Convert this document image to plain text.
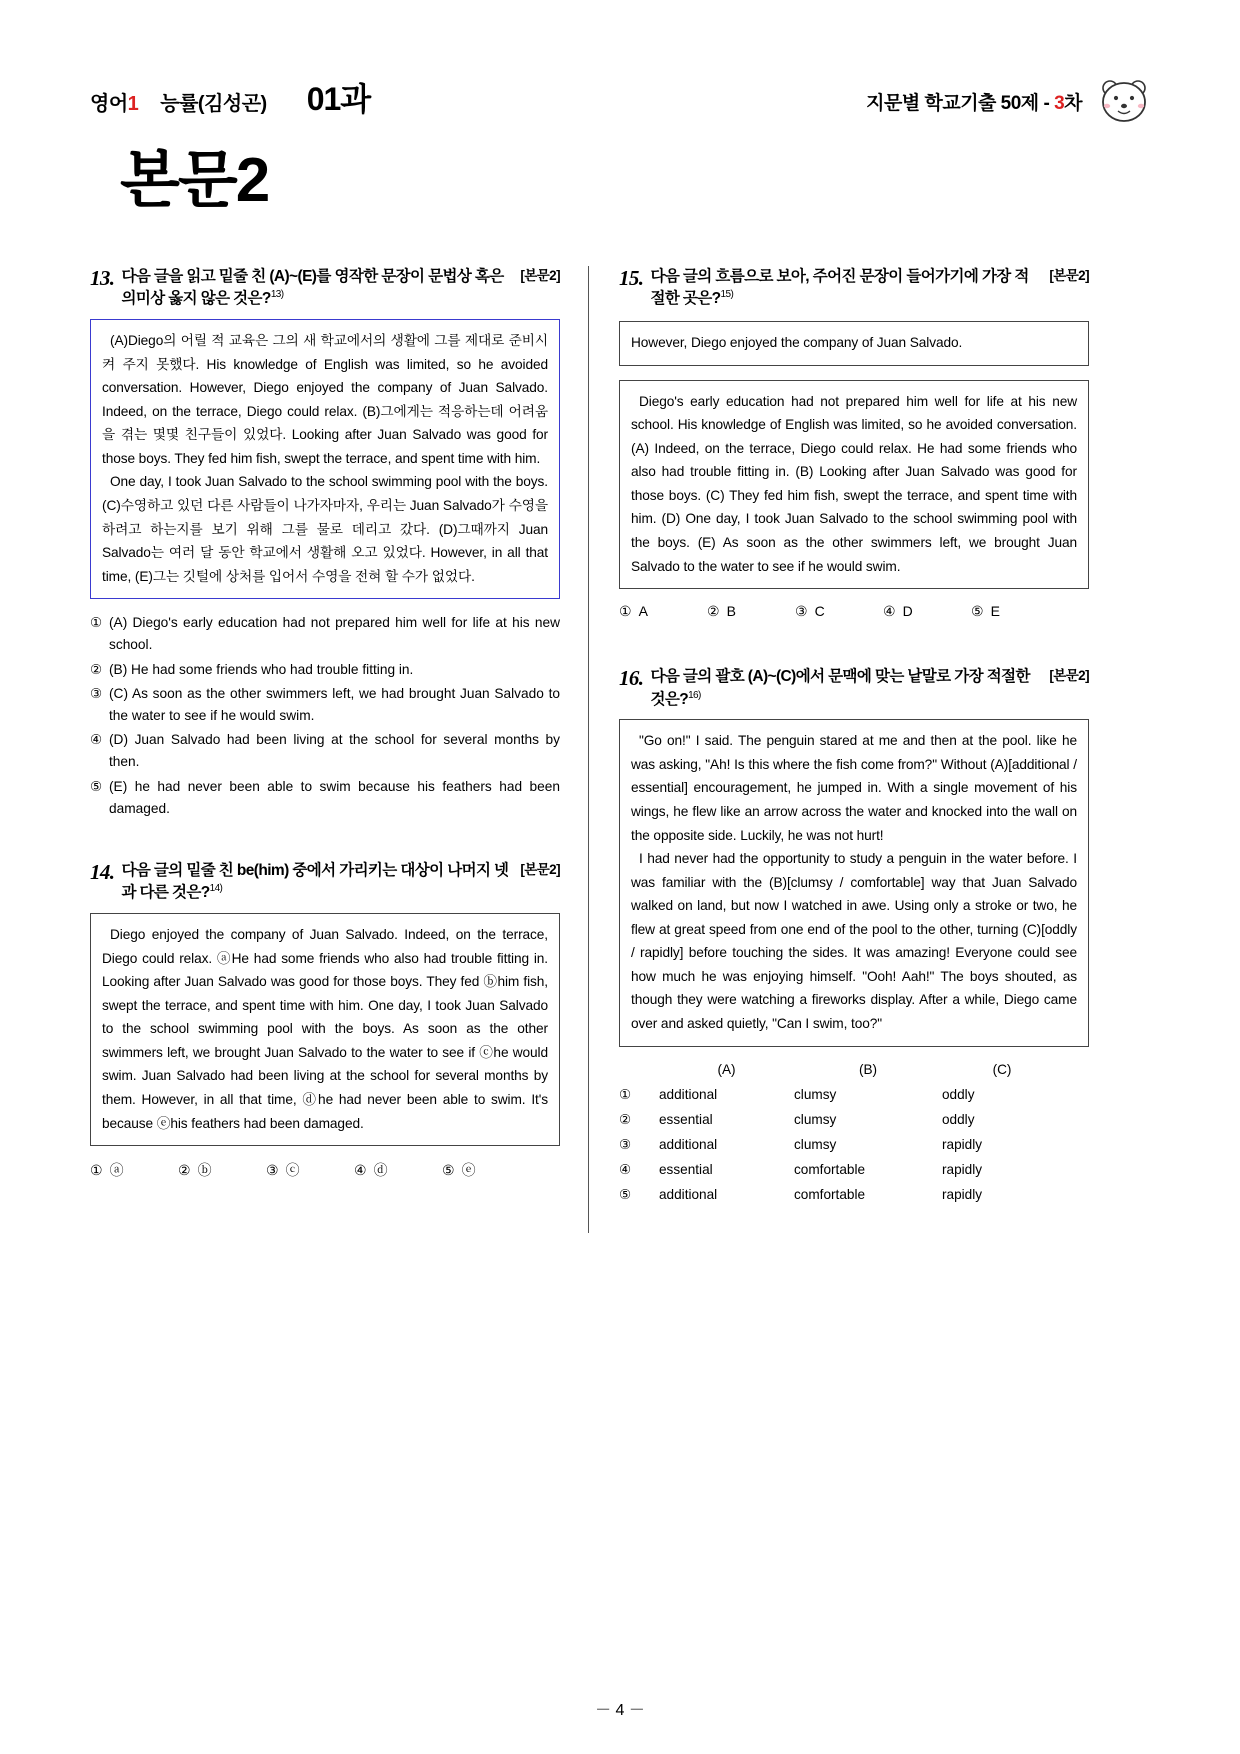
영어1 능률(김성곤) 01과	지문별 학교기출 50제 - 3차
본문2
13.	[본문2]
다음 글을 읽고 밑줄 친 (A)~(E)를 영작한 문장이 문법상 혹은 의미상 옳지 않은 것은?$^{13)}$

(A)Diego의 어릴 적 교육은 그의 새 학교에서의 생활에 그를 제대로 준비시켜 주지 못했다. His knowledge of English was limited, so he avoided conversation. However, Diego enjoyed the company of Juan Salvado. Indeed, on the terrace, Diego could relax. (B)그에게는 적응하는데 어려움을 겪는 몇몇 친구들이 있었다. Looking after Juan Salvado was good for those boys. They fed him fish, swept the terrace, and spent time with him.

One day, I took Juan Salvado to the school swimming pool with the boys. (C)수영하고 있던 다른 사람들이 나가자마자, 우리는 Juan Salvado가 수영을 하려고 하는지를 보기 위해 그를 물로 데리고 갔다. (D)그때까지 Juan Salvado는 여러 달 동안 학교에서 생활해 오고 있었다. However, in all that time, (E)그는 깃털에 상처를 입어서 수영을 전혀 할 수가 없었다.

① (A) Diego's early education had not prepared him well for life at his new school.
② (B) He had some friends who had trouble fitting in.
③ (C) As soon as the other swimmers left, we had brought Juan Salvado to the water to see if he would swim.
④ (D) Juan Salvado had been living at the school for several months by then.
⑤ (E) he had never been able to swim because his feathers had been damaged.
14.	[본문2]
다음 글의 밑줄 친 be(him) 중에서 가리키는 대상이 나머지 넷과 다른 것은?$^{14)}$

Diego enjoyed the company of Juan Salvado. Indeed, on the terrace, Diego could relax. ⓐHe had some friends who also had trouble fitting in. Looking after Juan Salvado was good for those boys. They fed ⓑhim fish, swept the terrace, and spent time with him. One day, I took Juan Salvado to the school swimming pool with the boys. As soon as the other swimmers left, we brought Juan Salvado to the water to see if ⓒhe would swim. Juan Salvado had been living at the school for several months by them. However, in all that time, ⓓhe had never been able to swim. It's because ⓔhis feathers had been damaged.

① ⓐ	② ⓑ	③ ⓒ	④ ⓓ	⑤ ⓔ
15.	[본문2]
다음 글의 흐름으로 보아, 주어진 문장이 들어가기에 가장 적절한 곳은?$^{15)}$

However, Diego enjoyed the company of Juan Salvado.

Diego's early education had not prepared him well for life at his new school. His knowledge of English was limited, so he avoided conversation. (A) Indeed, on the terrace, Diego could relax. He had some friends who also had trouble fitting in. (B) Looking after Juan Salvado was good for those boys. (C) They fed him fish, swept the terrace, and spent time with him. (D) One day, I took Juan Salvado to the school swimming pool with the boys. (E) As soon as the other swimmers left, we brought Juan Salvado to the water to see if he would swim.

① A	② B	③ C	④ D	⑤ E
16.	[본문2]
다음 글의 괄호 (A)~(C)에서 문맥에 맞는 낱말로 가장 적절한 것은?$^{16)}$

"Go on!" I said. The penguin stared at me and then at the pool. like he was asking, "Ah! Is this where the fish come from?" Without (A)[additional / essential] encouragement, he jumped in. With a single movement of his wings, he flew like an arrow across the water and knocked into the wall on the opposite side. Luckily, he was not hurt!

I had never had the opportunity to study a penguin in the water before. I was familiar with the (B)[clumsy / comfortable] way that Juan Salvado walked on land, but now I watched in awe. Using only a stroke or two, he flew at great speed from one end of the pool to the other, turning (C)[oddly / rapidly] before touching the sides. It was amazing! Everyone could see how much he was enjoying himself. "Ooh! Aah!" The boys shouted, as though they were watching a fireworks display. After a while, Diego came over and asked quietly, "Can I swim, too?"

(A)	(B)	(C)
①	additional	clumsy	oddly
②	essential	clumsy	oddly
③	additional	clumsy	rapidly
④	essential	comfortable	rapidly
⑤	additional	comfortable	rapidly
－ 4 －
